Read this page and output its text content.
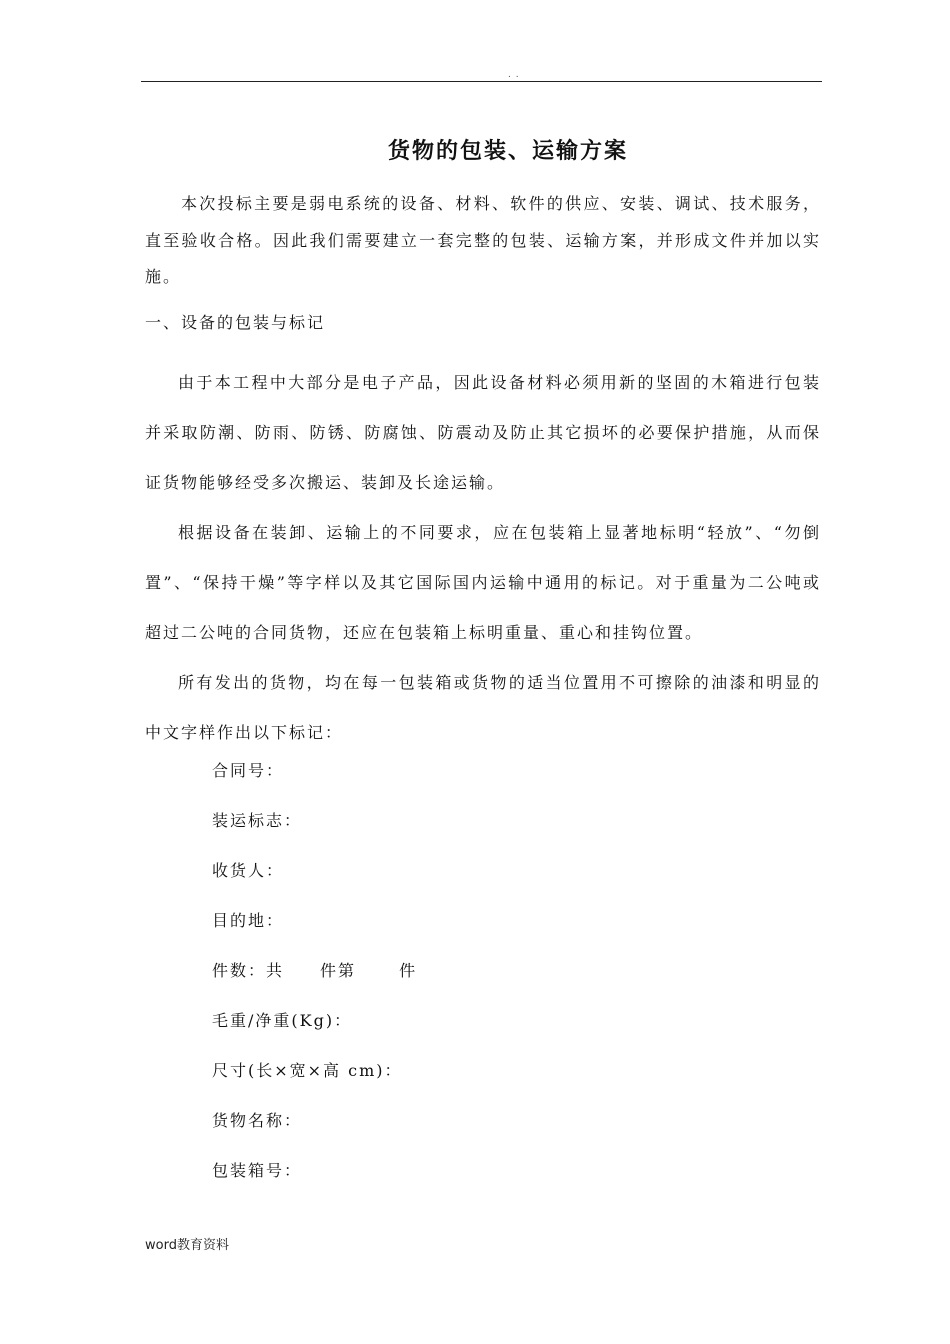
. .
货物的包装、运输方案
本次投标主要是弱电系统的设备、材料、软件的供应、安装、调试、技术服务，直至验收合格。因此我们需要建立一套完整的包装、运输方案，并形成文件并加以实施。
一、设备的包装与标记
由于本工程中大部分是电子产品，因此设备材料必须用新的坚固的木箱进行包装并采取防潮、防雨、防锈、防腐蚀、防震动及防止其它损坏的必要保护措施，从而保证货物能够经受多次搬运、装卸及长途运输。
根据设备在装卸、运输上的不同要求，应在包装箱上显著地标明“轻放”、“勿倒置”、“保持干燥”等字样以及其它国际国内运输中通用的标记。对于重量为二公吨或超过二公吨的合同货物，还应在包装箱上标明重量、重心和挂钩位置。
所有发出的货物，均在每一包装箱或货物的适当位置用不可擦除的油漆和明显的中文字样作出以下标记：
合同号：
装运标志：
收货人：
目的地：
件数：共　　件第　　 件
毛重/净重(Kg)：
尺寸(长×宽×高 cm)：
货物名称：
包装箱号：
word教育资料
